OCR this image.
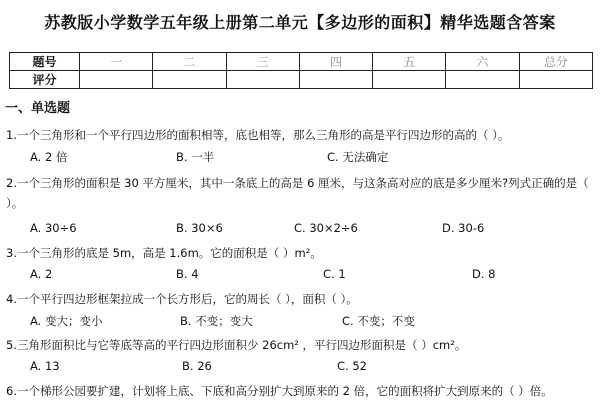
苏教版小学数学五年级上册第二单元【多边形的面积】精华选题含答案
题号	一	二	三	四	五	六	总分
评分							
一、单选题
1.一个三角形和一个平行四边形的面积相等，底也相等，那么三角形的高是平行四边形的高的（ ）。
A. 2 倍	B. 一半	C. 无法确定
2.一个三角形的面积是 30 平方厘米，其中一条底上的高是 6 厘米，与这条高对应的底是多少厘米?列式正确的是（ ）。
A. 30÷6	B. 30×6	C. 30×2÷6	D. 30-6
3.一个三角形的底是 5m，高是 1.6m。它的面积是（ ）m²。
A. 2	B. 4	C. 1	D. 8
4.一个平行四边形框架拉成一个长方形后，它的周长（ ），面积（ ）。
A. 变大；变小	B. 不变；变大	C. 不变；不变
5.三角形面积比与它等底等高的平行四边形面积少 26cm² ，平行四边形面积是（ ）cm²。
A. 13	B. 26	C. 52
6.一个梯形公园要扩建，计划将上底、下底和高分别扩大到原来的 2 倍，它的面积将扩大到原来的（ ）倍。
